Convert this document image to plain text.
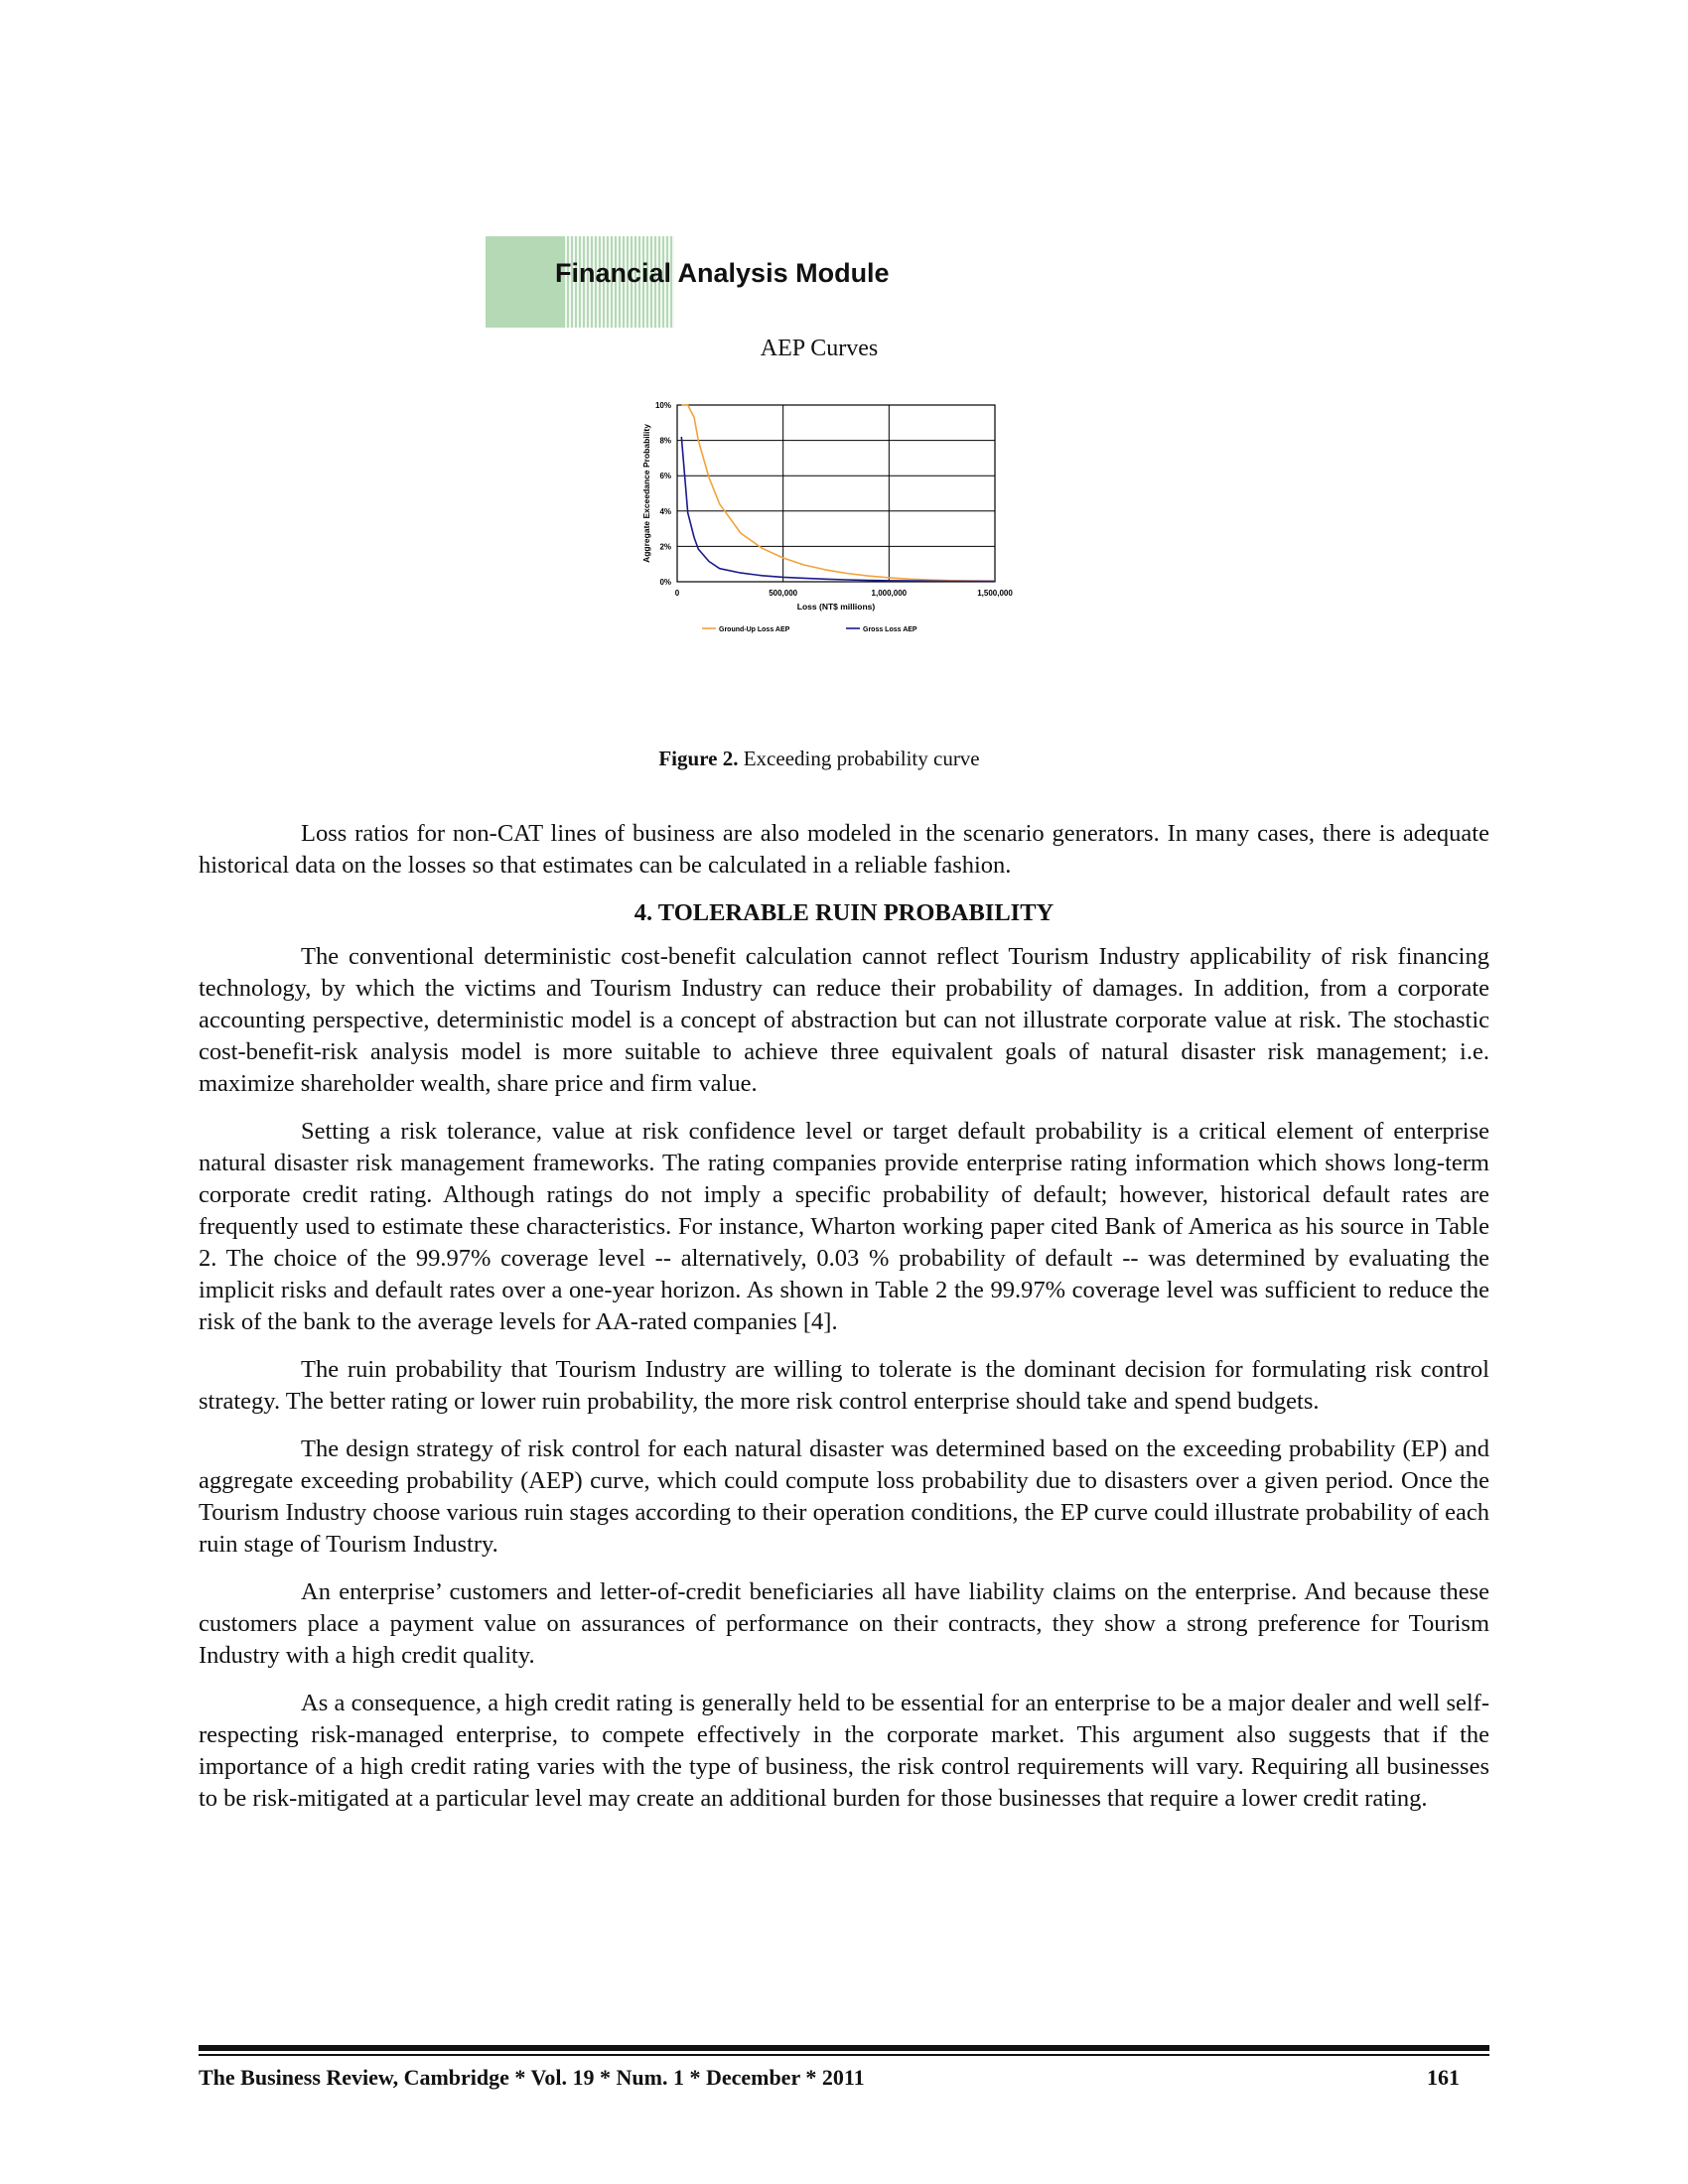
Financial Analysis Module
AEP Curves
0%
2%
4%
6%
8%
10%
0	500,000	1,000,000	1,500,000
Loss (NT$ millions)
Aggregate Exceedance Probability
Ground-Up Loss AEP	Gross Loss AEP
Figure 2. Exceeding probability curve

Loss ratios for non-CAT lines of business are also modeled in the scenario generators. In many cases, there is adequate historical data on the losses so that estimates can be calculated in a reliable fashion.

4. TOLERABLE RUIN PROBABILITY

The conventional deterministic cost-benefit calculation cannot reflect Tourism Industry applicability of risk financing technology, by which the victims and Tourism Industry can reduce their probability of damages. In addition, from a corporate accounting perspective, deterministic model is a concept of abstraction but can not illustrate corporate value at risk. The stochastic cost-benefit-risk analysis model is more suitable to achieve three equivalent goals of natural disaster risk management; i.e. maximize shareholder wealth, share price and firm value.

Setting a risk tolerance, value at risk confidence level or target default probability is a critical element of enterprise natural disaster risk management frameworks. The rating companies provide enterprise rating information which shows long-term corporate credit rating. Although ratings do not imply a specific probability of default; however, historical default rates are frequently used to estimate these characteristics. For instance, Wharton working paper cited Bank of America as his source in Table 2. The choice of the 99.97% coverage level -- alternatively, 0.03 % probability of default -- was determined by evaluating the implicit risks and default rates over a one-year horizon. As shown in Table 2 the 99.97% coverage level was sufficient to reduce the risk of the bank to the average levels for AA-rated companies [4].

The ruin probability that Tourism Industry are willing to tolerate is the dominant decision for formulating risk control strategy. The better rating or lower ruin probability, the more risk control enterprise should take and spend budgets.

The design strategy of risk control for each natural disaster was determined based on the exceeding probability (EP) and aggregate exceeding probability (AEP) curve, which could compute loss probability due to disasters over a given period. Once the Tourism Industry choose various ruin stages according to their operation conditions, the EP curve could illustrate probability of each ruin stage of Tourism Industry.

An enterprise’ customers and letter-of-credit beneficiaries all have liability claims on the enterprise. And because these customers place a payment value on assurances of performance on their contracts, they show a strong preference for Tourism Industry with a high credit quality.

As a consequence, a high credit rating is generally held to be essential for an enterprise to be a major dealer and well self-respecting risk-managed enterprise, to compete effectively in the corporate market. This argument also suggests that if the importance of a high credit rating varies with the type of business, the risk control requirements will vary. Requiring all businesses to be risk-mitigated at a particular level may create an additional burden for those businesses that require a lower credit rating.

The Business Review, Cambridge * Vol. 19 * Num. 1 * December * 2011	161
